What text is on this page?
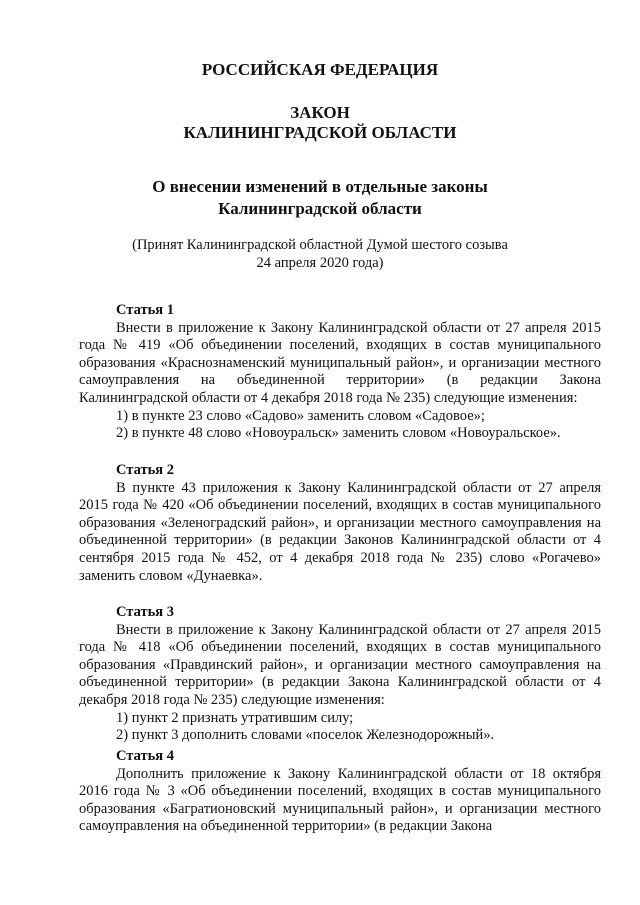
РОССИЙСКАЯ ФЕДЕРАЦИЯ
ЗАКОН
КАЛИНИНГРАДСКОЙ ОБЛАСТИ
О внесении изменений в отдельные законы
Калининградской области
(Принят Калининградской областной Думой шестого созыва
24 апреля 2020 года)
Статья 1

Внести в приложение к Закону Калининградской области от 27 апреля 2015 года № 419 «Об объединении поселений, входящих в состав муниципального образования «Краснознаменский муниципальный район», и организации местного самоуправления на объединенной территории» (в редакции Закона Калининградской области от 4 декабря 2018 года № 235) следующие изменения:

1) в пункте 23 слово «Садово» заменить словом «Садовое»;

2) в пункте 48 слово «Новоуральск» заменить словом «Новоуральское».

Статья 2

В пункте 43 приложения к Закону Калининградской области от 27 апреля 2015 года № 420 «Об объединении поселений, входящих в состав муниципального образования «Зеленоградский район», и организации местного самоуправления на объединенной территории» (в редакции Законов Калининградской области от 4 сентября 2015 года № 452, от 4 декабря 2018 года № 235) слово «Рогачево» заменить словом «Дунаевка».

Статья 3

Внести в приложение к Закону Калининградской области от 27 апреля 2015 года № 418 «Об объединении поселений, входящих в состав муниципального образования «Правдинский район», и организации местного самоуправления на объединенной территории» (в редакции Закона Калининградской области от 4 декабря 2018 года № 235) следующие изменения:

1) пункт 2 признать утратившим силу;

2) пункт 3 дополнить словами «поселок Железнодорожный».

Статья 4

Дополнить приложение к Закону Калининградской области от 18 октября 2016 года № 3 «Об объединении поселений, входящих в состав муниципального образования «Багратионовский муниципальный район», и организации местного самоуправления на объединенной территории» (в редакции Закона
